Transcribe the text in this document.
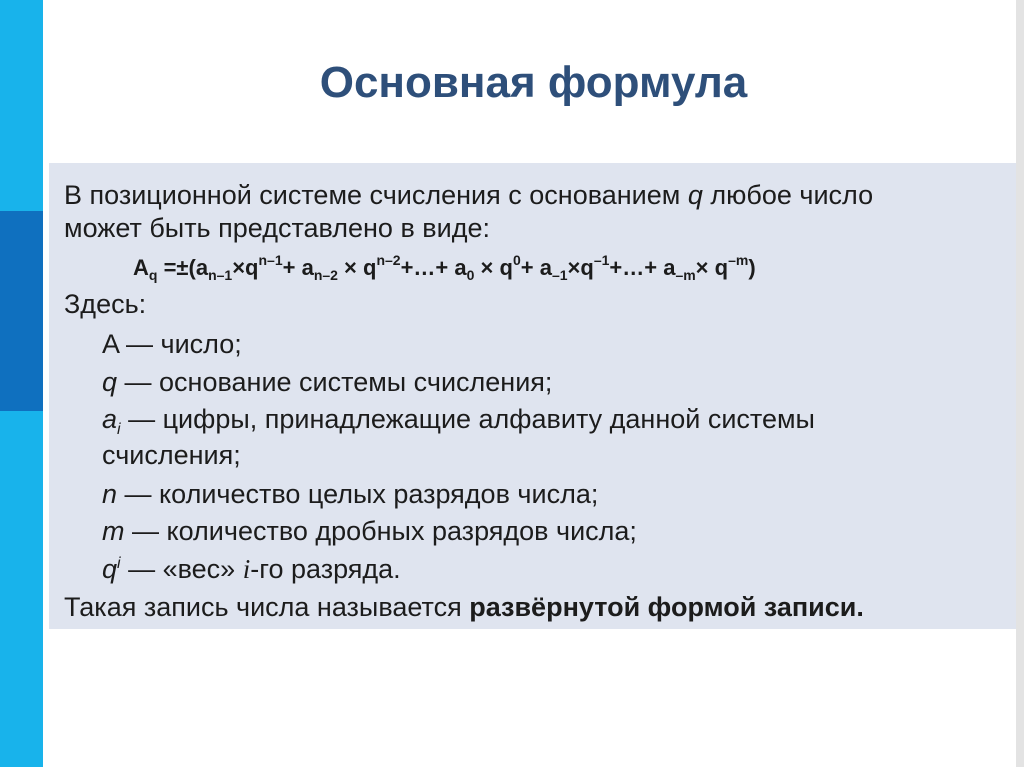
Основная формула
В позиционной системе счисления с основанием q любое число
может быть представлено в виде:
$A_q =\pm(a_{n-1}\times q^{n-1}+ a_{n-2}$ × $q^{n-2}+\dots+ a_0 \times q^0+$ $a_{-1}\times q^{-1}+\dots+ a_{-m}\times q^{-m}$)
Здесь:
A — число;
q — основание системы счисления;
$a_i$ — цифры, принадлежащие алфавиту данной системы
счисления;
n — количество целых разрядов числа;
m — количество дробных разрядов числа;
$q^i$ — «вес» i-го разряда.
Такая запись числа называется развёрнутой формой записи.
